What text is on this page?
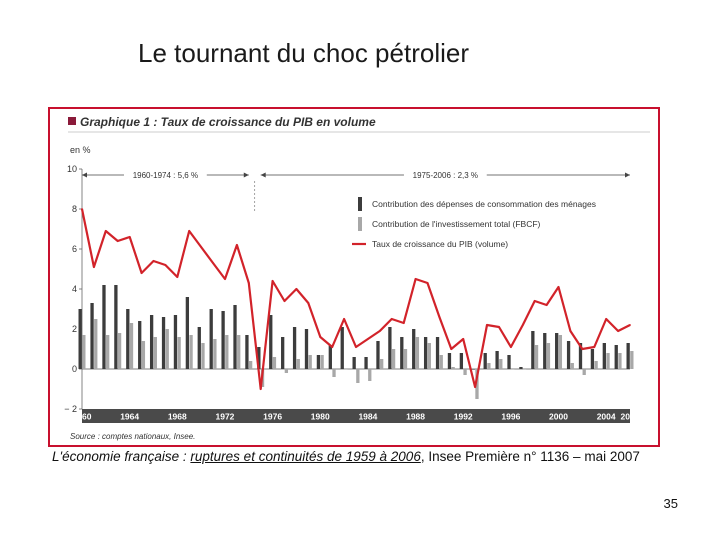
Le tournant du choc pétrolier
Graphique 1 : Taux de croissance du PIB en volume
en %
− 2
0
2
4
6
8
10
1960-1974 : 5,6 %	1975-2006 : 2,3 %
1960	1964	1968	1972	1976	1980	1984	1988	1992	1996	2000	2004 2006
Contribution des dépenses de consommation des ménages
Contribution de l'investissement total (FBCF)
Taux de croissance du PIB (volume)
Source : comptes nationaux, Insee.
L'économie française : ruptures et continuités de 1959 à 2006, Insee Première n° 1136 – mai 2007
35
